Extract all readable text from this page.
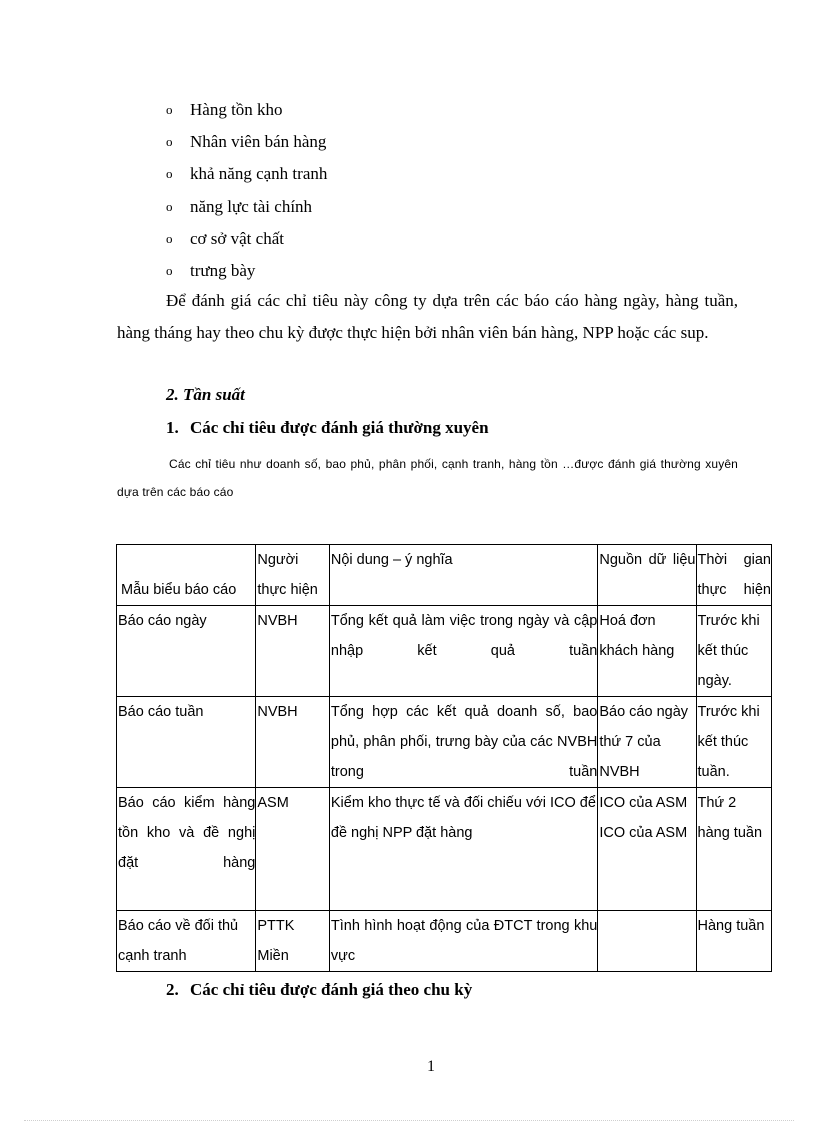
o	Hàng tồn kho
o	Nhân viên bán hàng
o	khả năng cạnh tranh
o	năng lực tài chính
o	cơ sở vật chất
o	trưng bày

Để đánh giá các chỉ tiêu này công ty dựa trên các báo cáo hàng ngày, hàng tuần, hàng tháng hay theo chu kỳ được thực hiện bởi nhân viên bán hàng, NPP hoặc các sup.

2. Tần suất

1. Các chỉ tiêu được đánh giá thường xuyên

Các chỉ tiêu như doanh số, bao phủ, phân phối, cạnh tranh, hàng tồn …được đánh giá thường xuyên dựa trên các báo cáo

Mẫu biểu báo cáo	Người thực hiện	Nội dung – ý nghĩa	Nguồn dữ liệu	Thời gian thực hiện
Báo cáo ngày	NVBH	Tổng kết quả làm việc trong ngày và cập nhập kết quả tuần	Hoá đơn khách hàng	Trước khi kết thúc ngày.
Báo cáo tuần	NVBH	Tổng hợp các kết quả doanh số, bao phủ, phân phối, trưng bày của các NVBH trong tuần	Báo cáo ngày thứ 7 của NVBH	Trước khi kết thúc tuần.
Báo cáo kiểm hàng tồn kho và đề nghị đặt hàng	ASM	Kiểm kho thực tế và đối chiếu với ICO để đề nghị NPP đặt hàng	ICO của ASM ICO của ASM	Thứ 2 hàng tuần
Báo cáo về đối thủ cạnh tranh	PTTK Miền	Tình hình hoạt động của ĐTCT trong khu vực		Hàng tuần

2. Các chỉ tiêu được đánh giá theo chu kỳ

1
